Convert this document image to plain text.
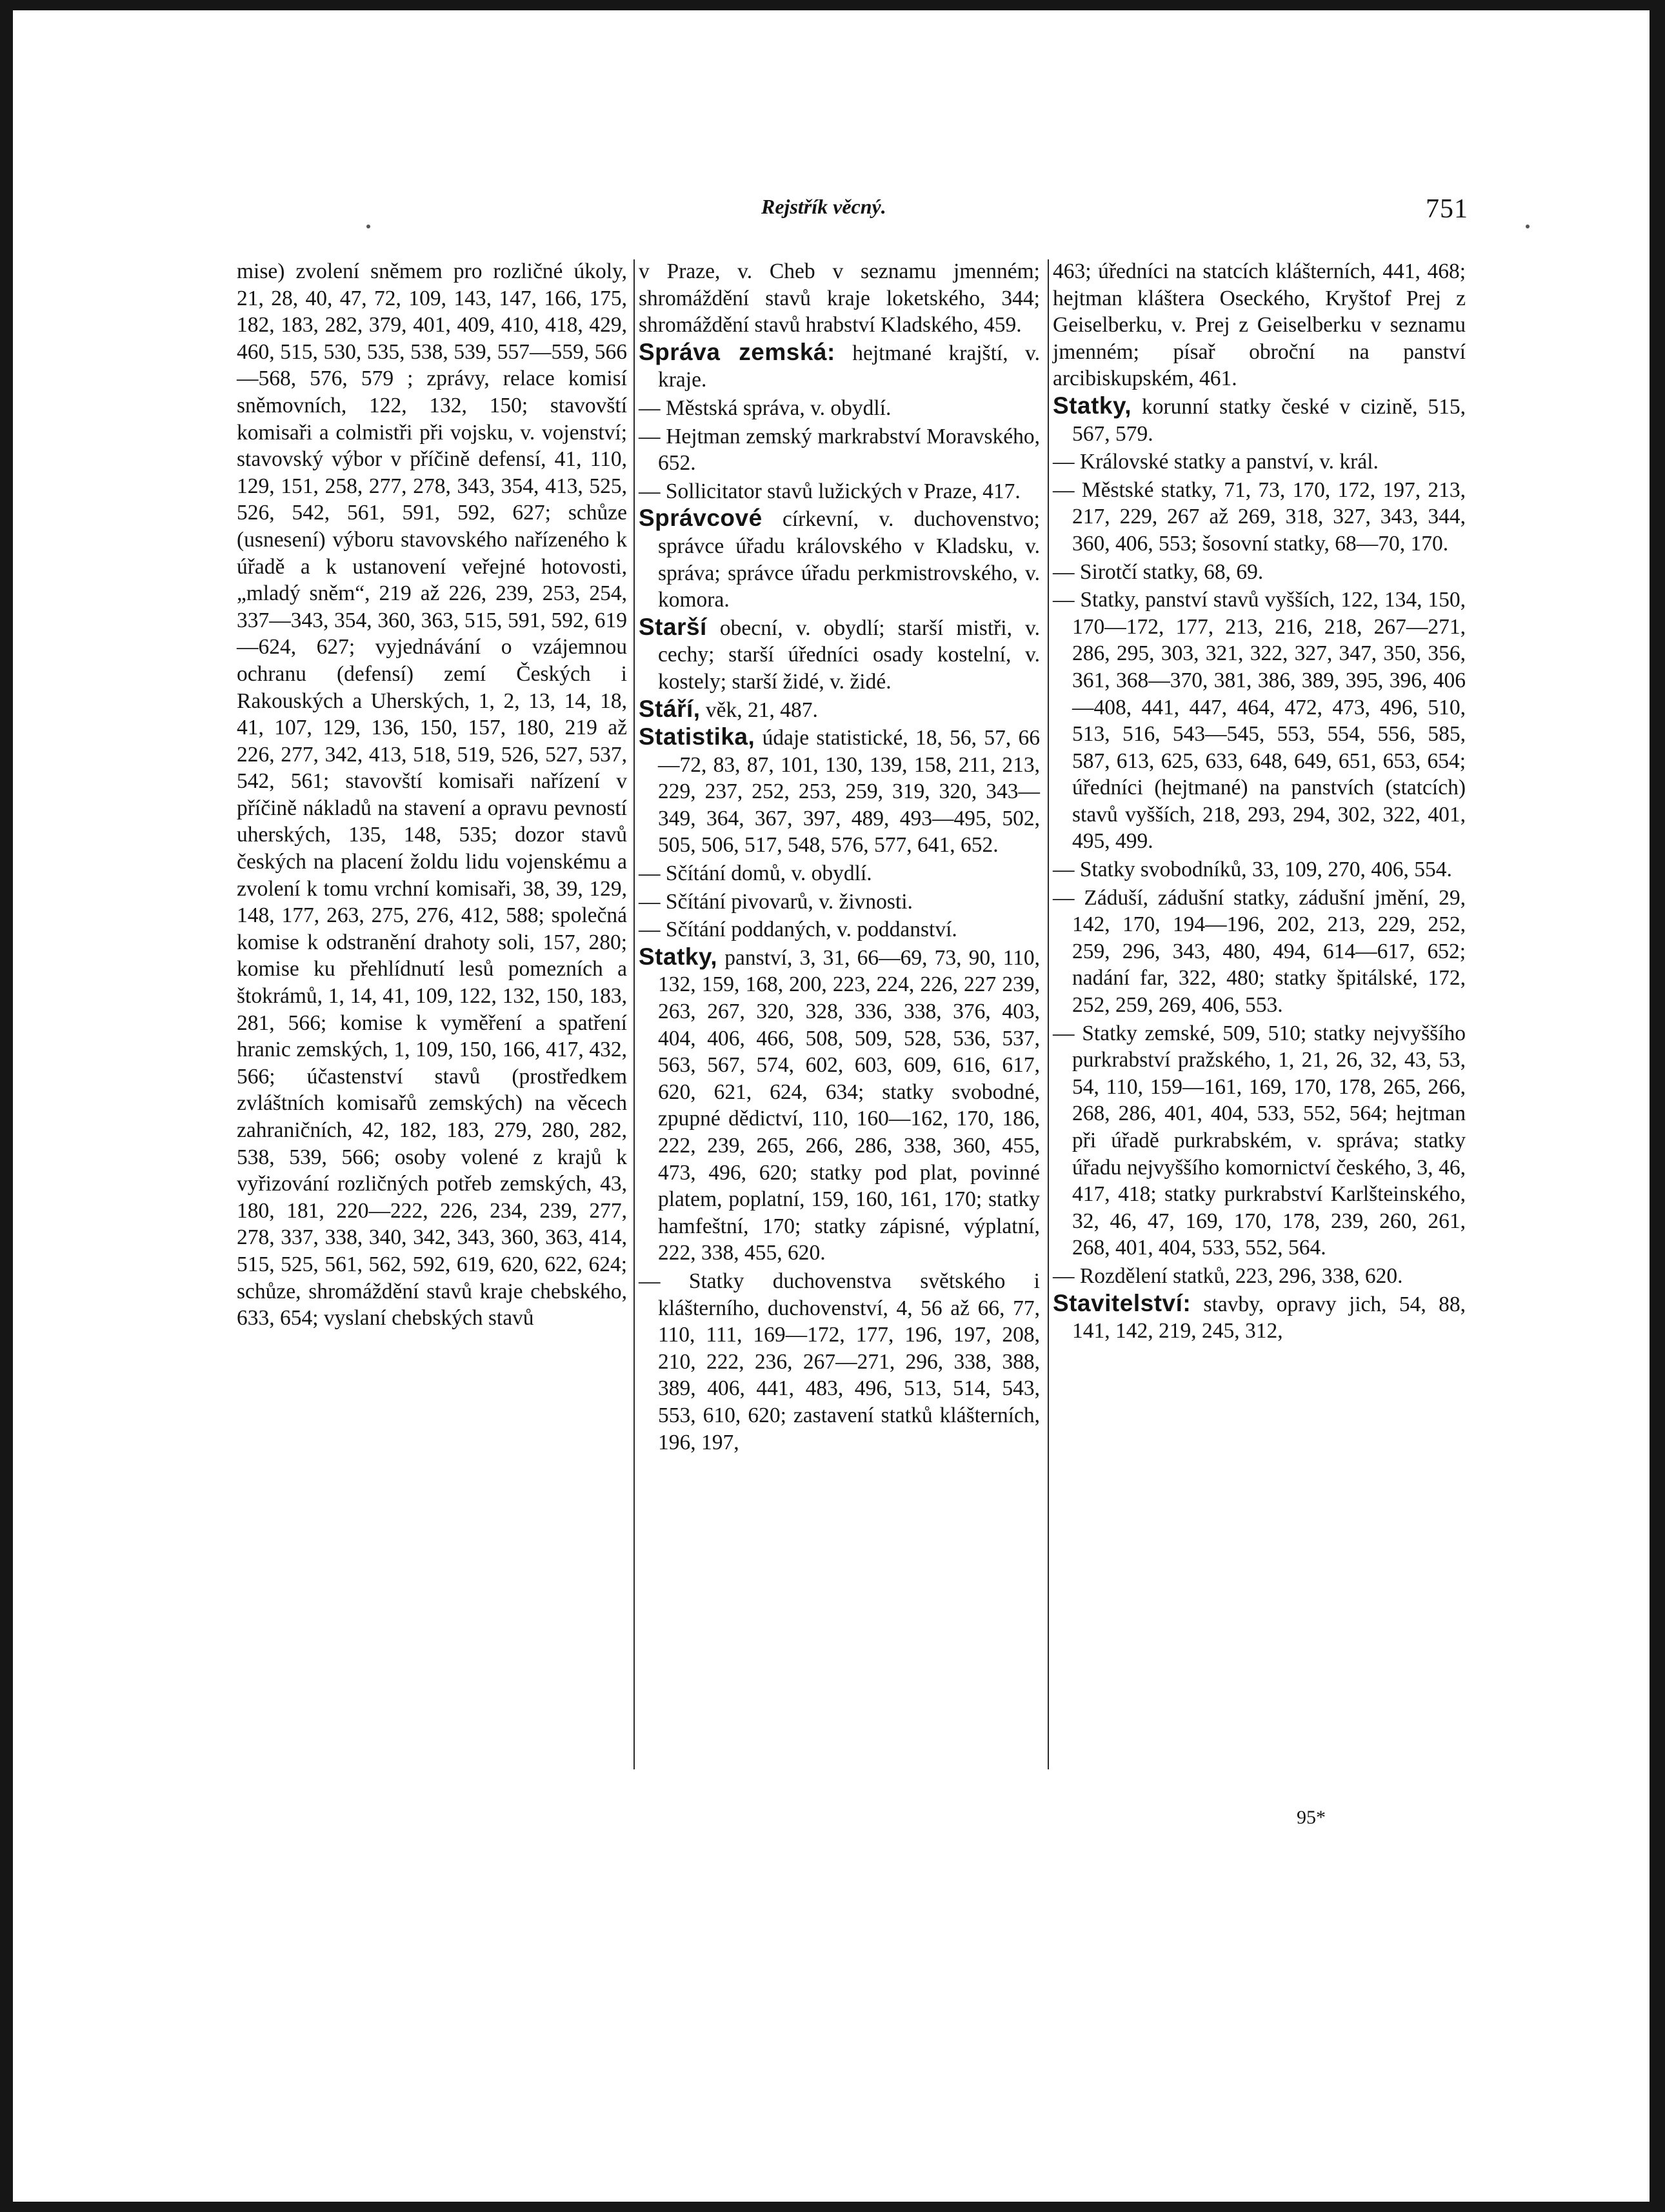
Rejstřík věcný.	751

mise) zvolení sněmem pro rozličné úkoly, 21, 28, 40, 47, 72, 109, 143, 147, 166, 175, 182, 183, 282, 379, 401, 409, 410, 418, 429, 460, 515, 530, 535, 538, 539, 557—559, 566—568, 576, 579 ; zprávy, relace komisí sněmovních, 122, 132, 150; stavovští komisaři a colmistři při vojsku, v. vojenství; stavovský výbor v příčině defensí, 41, 110, 129, 151, 258, 277, 278, 343, 354, 413, 525, 526, 542, 561, 591, 592, 627; schůze (usnesení) výboru stavovského nařízeného k úřadě a k ustanovení veřejné hotovosti, „mladý sněm“, 219 až 226, 239, 253, 254, 337—343, 354, 360, 363, 515, 591, 592, 619—624, 627; vyjednávání o vzájemnou ochranu (defensí) zemí Českých i Rakouských a Uherských, 1, 2, 13, 14, 18, 41, 107, 129, 136, 150, 157, 180, 219 až 226, 277, 342, 413, 518, 519, 526, 527, 537, 542, 561; stavovští komisaři nařízení v příčině nákladů na stavení a opravu pevností uherských, 135, 148, 535; dozor stavů českých na placení žoldu lidu vojenskému a zvolení k tomu vrchní komisaři, 38, 39, 129, 148, 177, 263, 275, 276, 412, 588; společná komise k odstranění drahoty soli, 157, 280; komise ku přehlídnutí lesů pomezních a štokrámů, 1, 14, 41, 109, 122, 132, 150, 183, 281, 566; komise k vyměření a spatření hranic zemských, 1, 109, 150, 166, 417, 432, 566; účastenství stavů (prostředkem zvláštních komisařů zemských) na věcech zahraničních, 42, 182, 183, 279, 280, 282, 538, 539, 566; osoby volené z krajů k vyřizování rozličných potřeb zemských, 43, 180, 181, 220—222, 226, 234, 239, 277, 278, 337, 338, 340, 342, 343, 360, 363, 414, 515, 525, 561, 562, 592, 619, 620, 622, 624; schůze, shromáždění stavů kraje chebského, 633, 654; vyslaní chebských stavů

v Praze, v. Cheb v seznamu jmenném; shromáždění stavů kraje loketského, 344; shromáždění stavů hrabství Kladského, 459.

Správa zemská: hejtmané krajští, v. kraje.

— Městská správa, v. obydlí.

— Hejtman zemský markrabství Moravského, 652.

— Sollicitator stavů lužických v Praze, 417.

Správcové církevní, v. duchovenstvo; správce úřadu královského v Kladsku, v. správa; správce úřadu perkmistrovského, v. komora.

Starší obecní, v. obydlí; starší mistři, v. cechy; starší úředníci osady kostelní, v. kostely; starší židé, v. židé.

Stáří, věk, 21, 487.

Statistika, údaje statistické, 18, 56, 57, 66—72, 83, 87, 101, 130, 139, 158, 211, 213, 229, 237, 252, 253, 259, 319, 320, 343—349, 364, 367, 397, 489, 493—495, 502, 505, 506, 517, 548, 576, 577, 641, 652.

— Sčítání domů, v. obydlí.

— Sčítání pivovarů, v. živnosti.

— Sčítání poddaných, v. poddanství.

Statky, panství, 3, 31, 66—69, 73, 90, 110, 132, 159, 168, 200, 223, 224, 226, 227 239, 263, 267, 320, 328, 336, 338, 376, 403, 404, 406, 466, 508, 509, 528, 536, 537, 563, 567, 574, 602, 603, 609, 616, 617, 620, 621, 624, 634; statky svobodné, zpupné dědictví, 110, 160—162, 170, 186, 222, 239, 265, 266, 286, 338, 360, 455, 473, 496, 620; statky pod plat, povinné platem, poplatní, 159, 160, 161, 170; statky hamfeštní, 170; statky zápisné, výplatní, 222, 338, 455, 620.

— Statky duchovenstva světského i klášterního, duchovenství, 4, 56 až 66, 77, 110, 111, 169—172, 177, 196, 197, 208, 210, 222, 236, 267—271, 296, 338, 388, 389, 406, 441, 483, 496, 513, 514, 543, 553, 610, 620; zastavení statků klášterních, 196, 197,

463; úředníci na statcích klášterních, 441, 468; hejtman kláštera Oseckého, Kryštof Prej z Geiselberku, v. Prej z Geiselberku v seznamu jmenném; písař obroční na panství arcibiskupském, 461.

Statky, korunní statky české v cizině, 515, 567, 579.

— Královské statky a panství, v. král.

— Městské statky, 71, 73, 170, 172, 197, 213, 217, 229, 267 až 269, 318, 327, 343, 344, 360, 406, 553; šosovní statky, 68—70, 170.

— Sirotčí statky, 68, 69.

— Statky, panství stavů vyšších, 122, 134, 150, 170—172, 177, 213, 216, 218, 267—271, 286, 295, 303, 321, 322, 327, 347, 350, 356, 361, 368—370, 381, 386, 389, 395, 396, 406—408, 441, 447, 464, 472, 473, 496, 510, 513, 516, 543—545, 553, 554, 556, 585, 587, 613, 625, 633, 648, 649, 651, 653, 654; úředníci (hejtmané) na panstvích (statcích) stavů vyšších, 218, 293, 294, 302, 322, 401, 495, 499.

— Statky svobodníků, 33, 109, 270, 406, 554.

— Záduší, zádušní statky, zádušní jmění, 29, 142, 170, 194—196, 202, 213, 229, 252, 259, 296, 343, 480, 494, 614—617, 652; nadání far, 322, 480; statky špitálské, 172, 252, 259, 269, 406, 553.

— Statky zemské, 509, 510; statky nejvyššího purkrabství pražského, 1, 21, 26, 32, 43, 53, 54, 110, 159—161, 169, 170, 178, 265, 266, 268, 286, 401, 404, 533, 552, 564; hejtman při úřadě purkrabském, v. správa; statky úřadu nejvyššího komornictví českého, 3, 46, 417, 418; statky purkrabství Karlšteinského, 32, 46, 47, 169, 170, 178, 239, 260, 261, 268, 401, 404, 533, 552, 564.

— Rozdělení statků, 223, 296, 338, 620.

Stavitelství: stavby, opravy jich, 54, 88, 141, 142, 219, 245, 312,

95*
